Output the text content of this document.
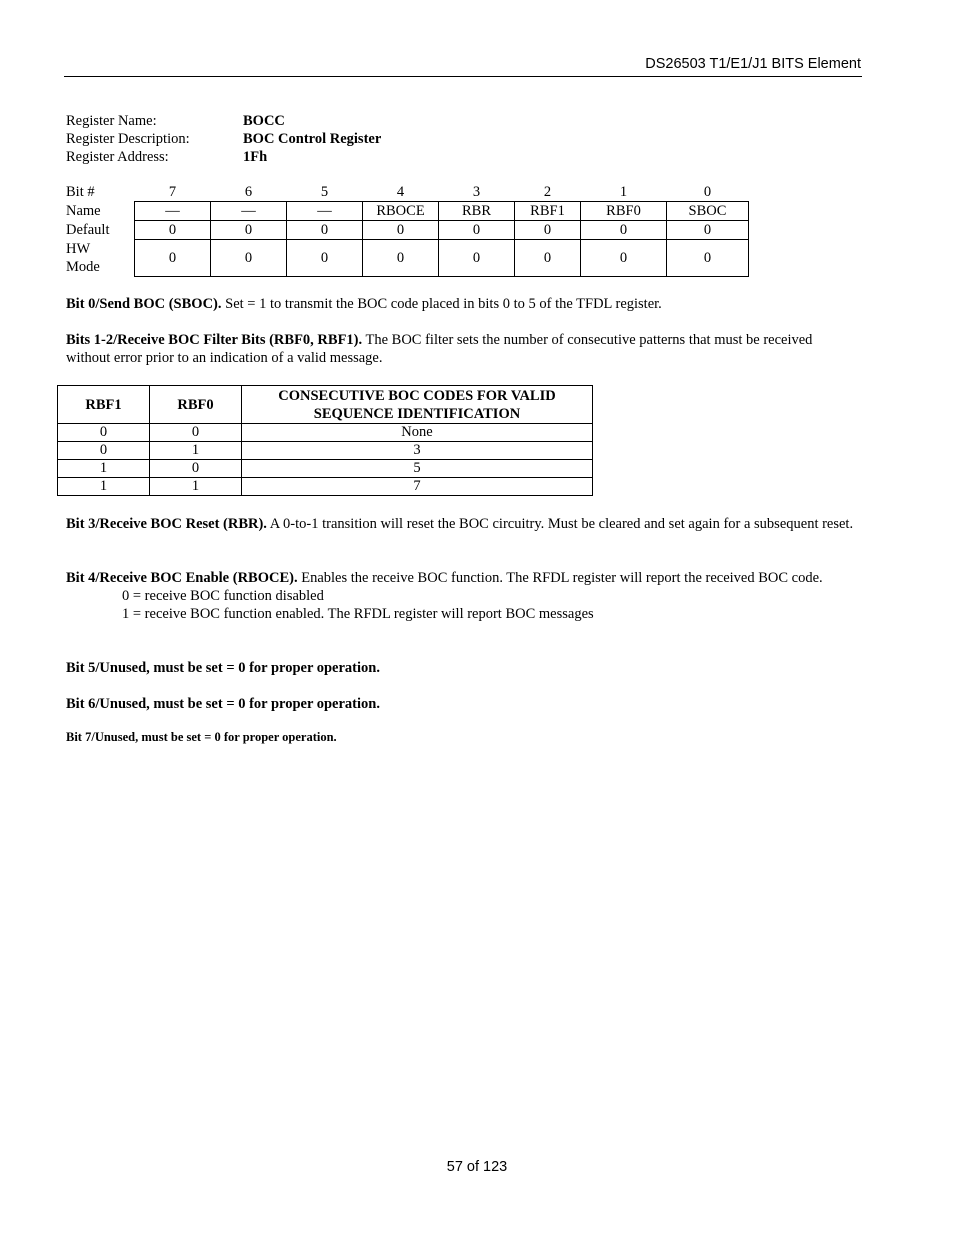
DS26503 T1/E1/J1 BITS Element
Register Name:	BOCC
Register Description:	BOC Control Register
Register Address:	1Fh
Bit #	7	6	5	4	3	2	1	0
Name	—	—	—	RBOCE	RBR	RBF1	RBF0	SBOC
Default	0	0	0	0	0	0	0	0
HW
Mode	0	0	0	0	0	0	0	0
Bit 0/Send BOC (SBOC). Set = 1 to transmit the BOC code placed in bits 0 to 5 of the TFDL register.
Bits 1-2/Receive BOC Filter Bits (RBF0, RBF1). The BOC filter sets the number of consecutive patterns that must be received without error prior to an indication of a valid message.
RBF1	RBF0	CONSECUTIVE BOC CODES FOR VALID
SEQUENCE IDENTIFICATION
0	0	None
0	1	3
1	0	5
1	1	7
Bit 3/Receive BOC Reset (RBR). A 0-to-1 transition will reset the BOC circuitry. Must be cleared and set again for a subsequent reset.
Bit 4/Receive BOC Enable (RBOCE). Enables the receive BOC function. The RFDL register will report the received BOC code.
0 = receive BOC function disabled
1 = receive BOC function enabled. The RFDL register will report BOC messages
Bit 5/Unused, must be set = 0 for proper operation.
Bit 6/Unused, must be set = 0 for proper operation.
Bit 7/Unused, must be set = 0 for proper operation.
57 of 123
